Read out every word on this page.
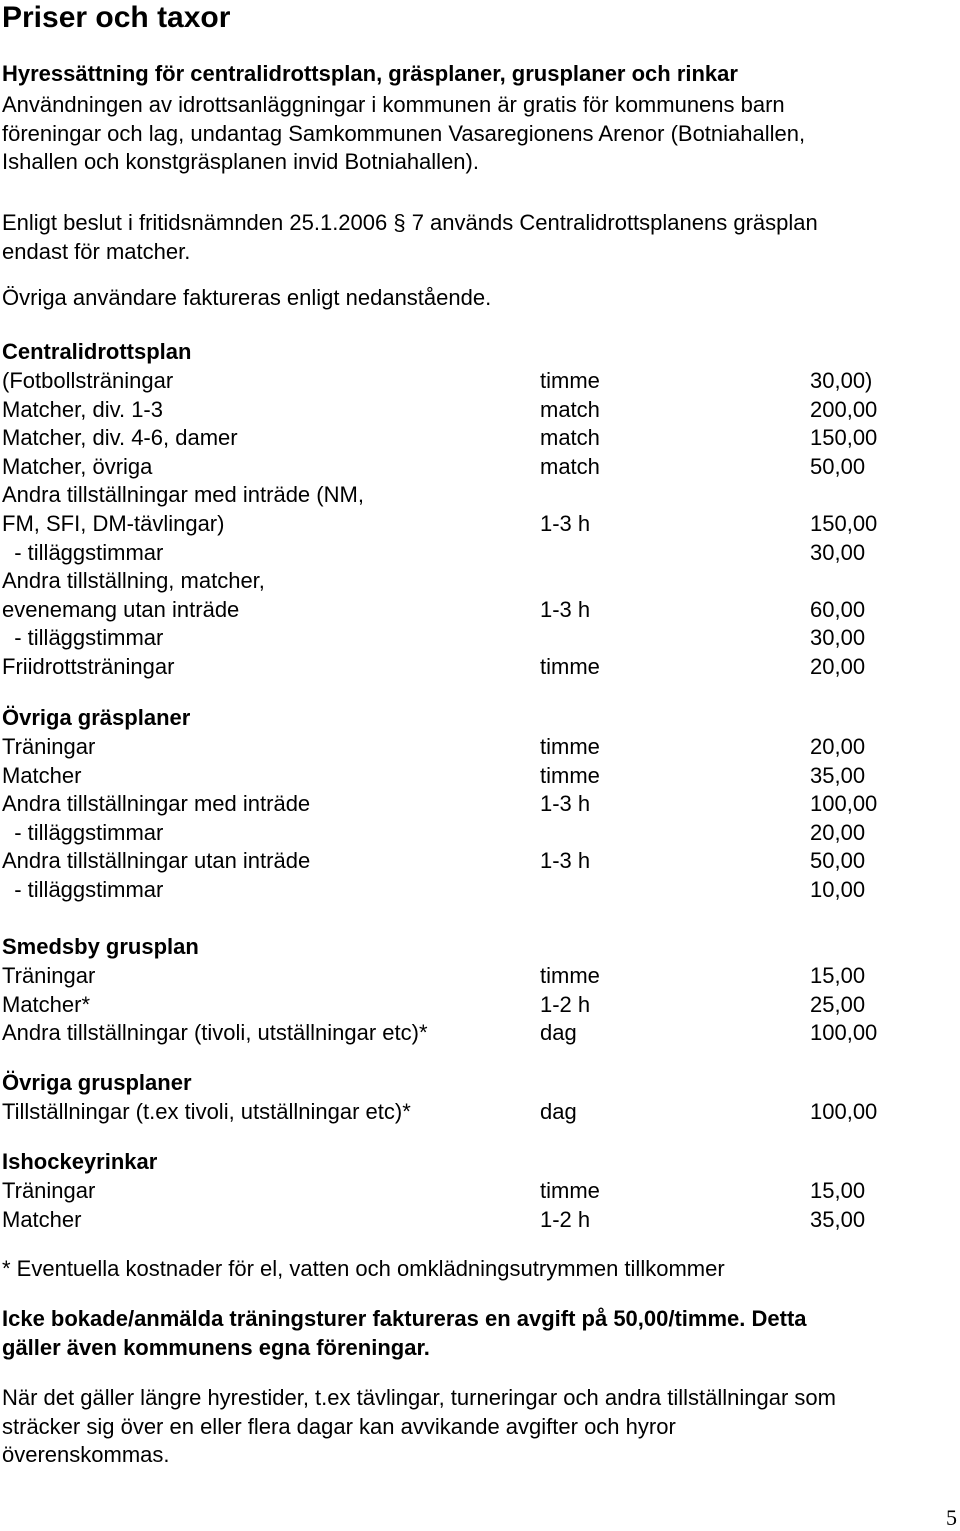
Priser och taxor
Hyressättning för centralidrottsplan, gräsplaner, grusplaner och rinkar
Användningen av idrottsanläggningar i kommunen är gratis för kommunens barn
föreningar och lag, undantag Samkommunen Vasaregionens Arenor (Botniahallen,
Ishallen och konstgräsplanen invid Botniahallen).
Enligt beslut i fritidsnämnden 25.1.2006 § 7 används Centralidrottsplanens gräsplan
endast för matcher.
Övriga användare faktureras enligt nedanstående.
Centralidrottsplan
(Fotbollsträningar	timme	30,00)
Matcher, div. 1-3	match	200,00
Matcher, div. 4-6, damer	match	150,00
Matcher, övriga	match	50,00
Andra tillställningar med inträde (NM,
FM, SFI, DM-tävlingar)	1-3 h	150,00
- tilläggstimmar	30,00
Andra tillställning, matcher,
evenemang utan inträde	1-3 h	60,00
- tilläggstimmar	30,00
Friidrottsträningar	timme	20,00
Övriga gräsplaner
Träningar	timme	20,00
Matcher	timme	35,00
Andra tillställningar med inträde	1-3 h	100,00
- tilläggstimmar	20,00
Andra tillställningar utan inträde	1-3 h	50,00
- tilläggstimmar	10,00
Smedsby grusplan
Träningar	timme	15,00
Matcher*	1-2 h	25,00
Andra tillställningar (tivoli, utställningar etc)*	dag	100,00
Övriga grusplaner
Tillställningar (t.ex tivoli, utställningar etc)*	dag	100,00
Ishockeyrinkar
Träningar	timme	15,00
Matcher	1-2 h	35,00
* Eventuella kostnader för el, vatten och omklädningsutrymmen tillkommer
Icke bokade/anmälda träningsturer faktureras en avgift på 50,00/timme. Detta
gäller även kommunens egna föreningar.
När det gäller längre hyrestider, t.ex tävlingar, turneringar och andra tillställningar som
sträcker sig över en eller flera dagar kan avvikande avgifter och hyror
överenskommas.
5
